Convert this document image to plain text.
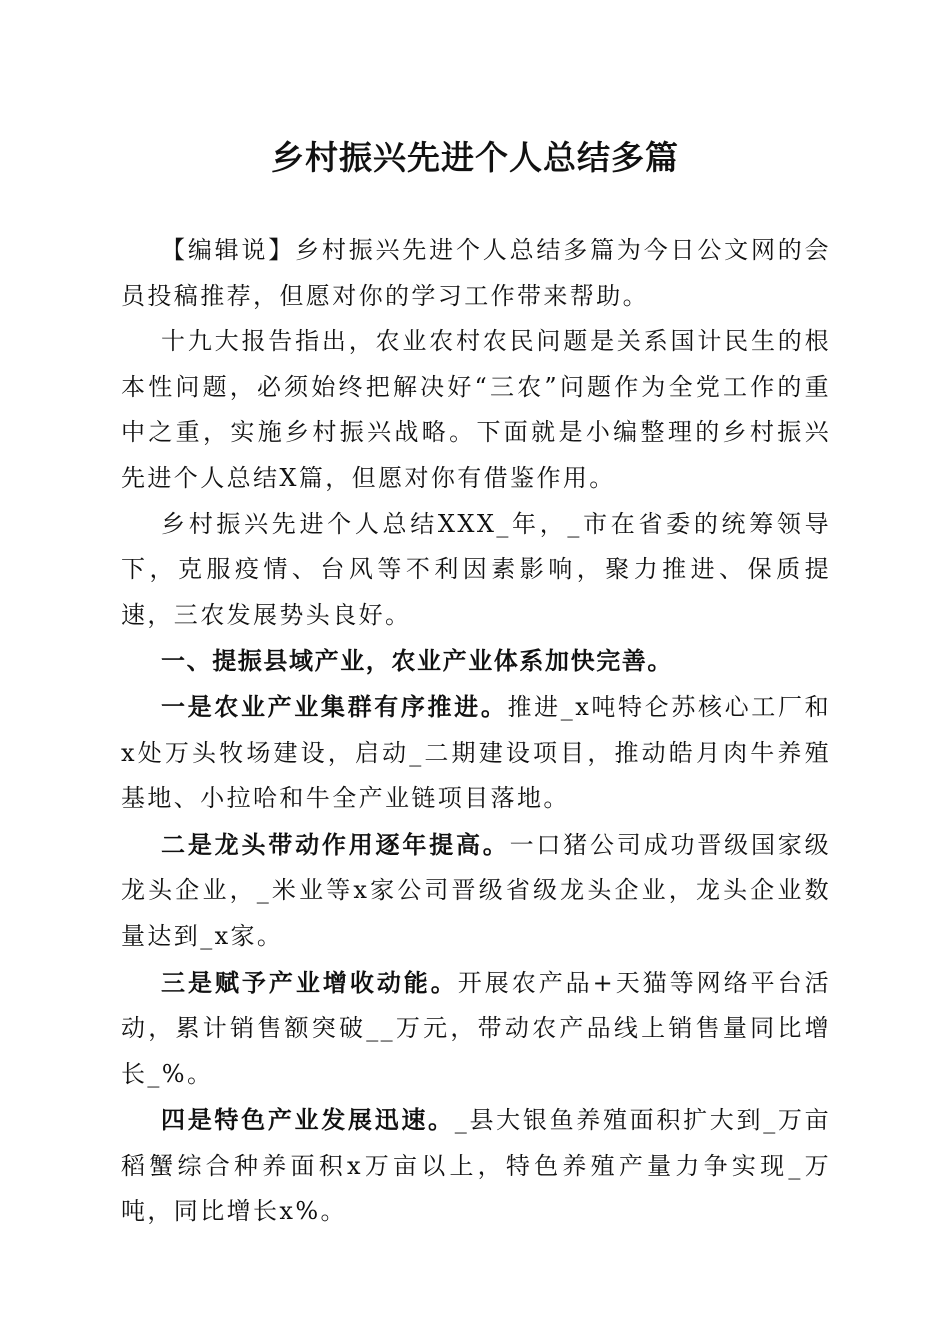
乡村振兴先进个人总结多篇

【编辑说】乡村振兴先进个人总结多篇为今日公文网的会员投稿推荐，但愿对你的学习工作带来帮助。

十九大报告指出，农业农村农民问题是关系国计民生的根本性问题，必须始终把解决好“三农”问题作为全党工作的重中之重，实施乡村振兴战略。下面就是小编整理的乡村振兴先进个人总结X篇，但愿对你有借鉴作用。

乡村振兴先进个人总结XXX_年，_市在省委的统筹领导下，克服疫情、台风等不利因素影响，聚力推进、保质提速，三农发展势头良好。

一、提振县域产业，农业产业体系加快完善。

一是农业产业集群有序推进。推进_x吨特仑苏核心工厂和x处万头牧场建设，启动_二期建设项目，推动皓月肉牛养殖基地、小拉哈和牛全产业链项目落地。

二是龙头带动作用逐年提高。一口猪公司成功晋级国家级龙头企业，_米业等x家公司晋级省级龙头企业，龙头企业数量达到_x家。

三是赋予产业增收动能。开展农产品+天猫等网络平台活动，累计销售额突破__万元，带动农产品线上销售量同比增长_%。

四是特色产业发展迅速。_县大银鱼养殖面积扩大到_万亩稻蟹综合种养面积x万亩以上，特色养殖产量力争实现_万吨，同比增长x%。
